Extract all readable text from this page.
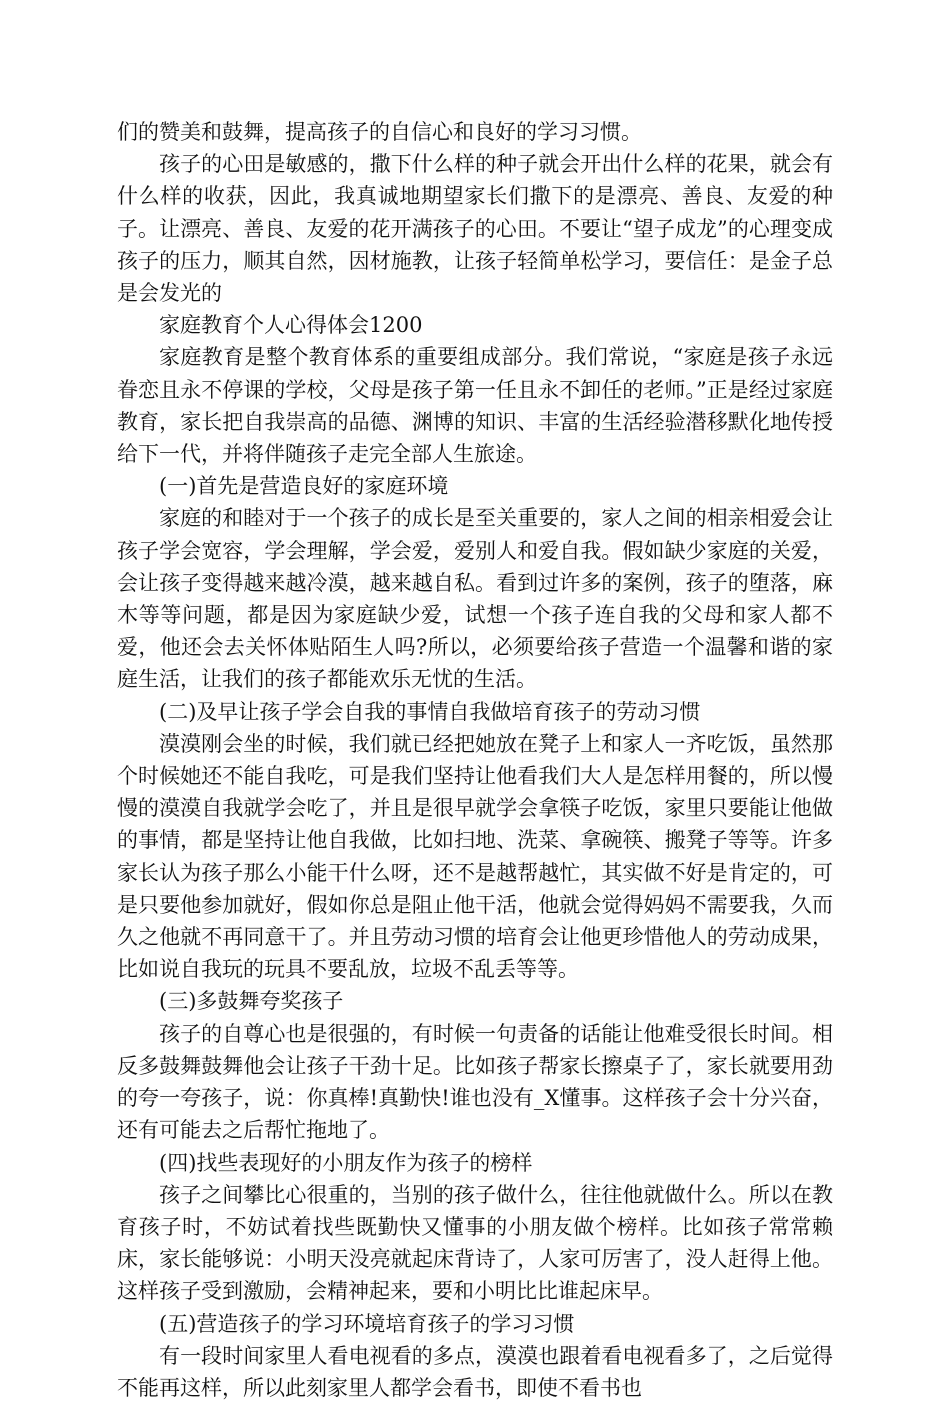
们的赞美和鼓舞，提高孩子的自信心和良好的学习习惯。

孩子的心田是敏感的，撒下什么样的种子就会开出什么样的花果，就会有什么样的收获，因此，我真诚地期望家长们撒下的是漂亮、善良、友爱的种子。让漂亮、善良、友爱的花开满孩子的心田。不要让“望子成龙”的心理变成孩子的压力，顺其自然，因材施教，让孩子轻简单松学习，要信任：是金子总是会发光的

家庭教育个人心得体会1200

家庭教育是整个教育体系的重要组成部分。我们常说，“家庭是孩子永远眷恋且永不停课的学校，父母是孩子第一任且永不卸任的老师。”正是经过家庭教育，家长把自我崇高的品德、渊博的知识、丰富的生活经验潜移默化地传授给下一代，并将伴随孩子走完全部人生旅途。

(一)首先是营造良好的家庭环境

家庭的和睦对于一个孩子的成长是至关重要的，家人之间的相亲相爱会让孩子学会宽容，学会理解，学会爱，爱别人和爱自我。假如缺少家庭的关爱，会让孩子变得越来越冷漠，越来越自私。看到过许多的案例，孩子的堕落，麻木等等问题，都是因为家庭缺少爱，试想一个孩子连自我的父母和家人都不爱，他还会去关怀体贴陌生人吗?所以，必须要给孩子营造一个温馨和谐的家庭生活，让我们的孩子都能欢乐无忧的生活。

(二)及早让孩子学会自我的事情自我做培育孩子的劳动习惯

漠漠刚会坐的时候，我们就已经把她放在凳子上和家人一齐吃饭，虽然那个时候她还不能自我吃，可是我们坚持让他看我们大人是怎样用餐的，所以慢慢的漠漠自我就学会吃了，并且是很早就学会拿筷子吃饭，家里只要能让他做的事情，都是坚持让他自我做，比如扫地、洗菜、拿碗筷、搬凳子等等。许多家长认为孩子那么小能干什么呀，还不是越帮越忙，其实做不好是肯定的，可是只要他参加就好，假如你总是阻止他干活，他就会觉得妈妈不需要我，久而久之他就不再同意干了。并且劳动习惯的培育会让他更珍惜他人的劳动成果，比如说自我玩的玩具不要乱放，垃圾不乱丢等等。

(三)多鼓舞夸奖孩子

孩子的自尊心也是很强的，有时候一句责备的话能让他难受很长时间。相反多鼓舞鼓舞他会让孩子干劲十足。比如孩子帮家长擦桌子了，家长就要用劲的夸一夸孩子，说：你真棒!真勤快!谁也没有_X懂事。这样孩子会十分兴奋，还有可能去之后帮忙拖地了。

(四)找些表现好的小朋友作为孩子的榜样

孩子之间攀比心很重的，当别的孩子做什么，往往他就做什么。所以在教育孩子时，不妨试着找些既勤快又懂事的小朋友做个榜样。比如孩子常常赖床，家长能够说：小明天没亮就起床背诗了，人家可厉害了，没人赶得上他。这样孩子受到激励，会精神起来，要和小明比比谁起床早。

(五)营造孩子的学习环境培育孩子的学习习惯

有一段时间家里人看电视看的多点，漠漠也跟着看电视看多了，之后觉得不能再这样，所以此刻家里人都学会看书，即使不看书也
